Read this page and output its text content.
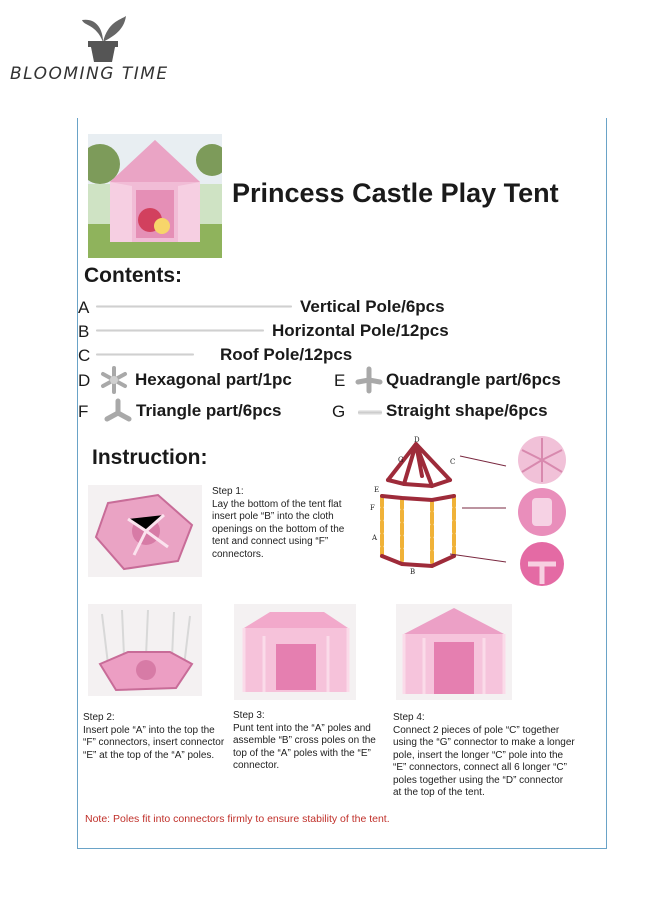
BLOOMING TIME
Princess Castle Play Tent
Contents:
A	Vertical Pole/6pcs
B	Horizontal Pole/12pcs
C	Roof Pole/12pcs
D	Hexagonal part/1pc E Quadrangle part/6pcs
F	Triangle part/6pcs	G Straight shape/6pcs
Instruction:
Step 1:
Lay the bottom of the tent flat
insert pole “B” into the cloth
openings on the bottom of the
tent and connect using “F”
connectors.
D
G	C
E
F
A
B
Step 2:
Insert pole “A” into the top the
“F” connectors, insert connector
“E” at the top of the “A” poles.
Step 3:
Punt tent into the “A” poles and
assemble “B” cross poles on the
top of the “A” poles with the “E”
connector.
Step 4:
Connect 2 pieces of pole “C” together
using the “G” connector to make a longer
pole, insert the longer “C” pole into the
“E” connectors, connect all 6 longer “C”
poles together using the “D” connector
at the top of the tent.
Note: Poles fit into connectors firmly to ensure stability of the tent.
